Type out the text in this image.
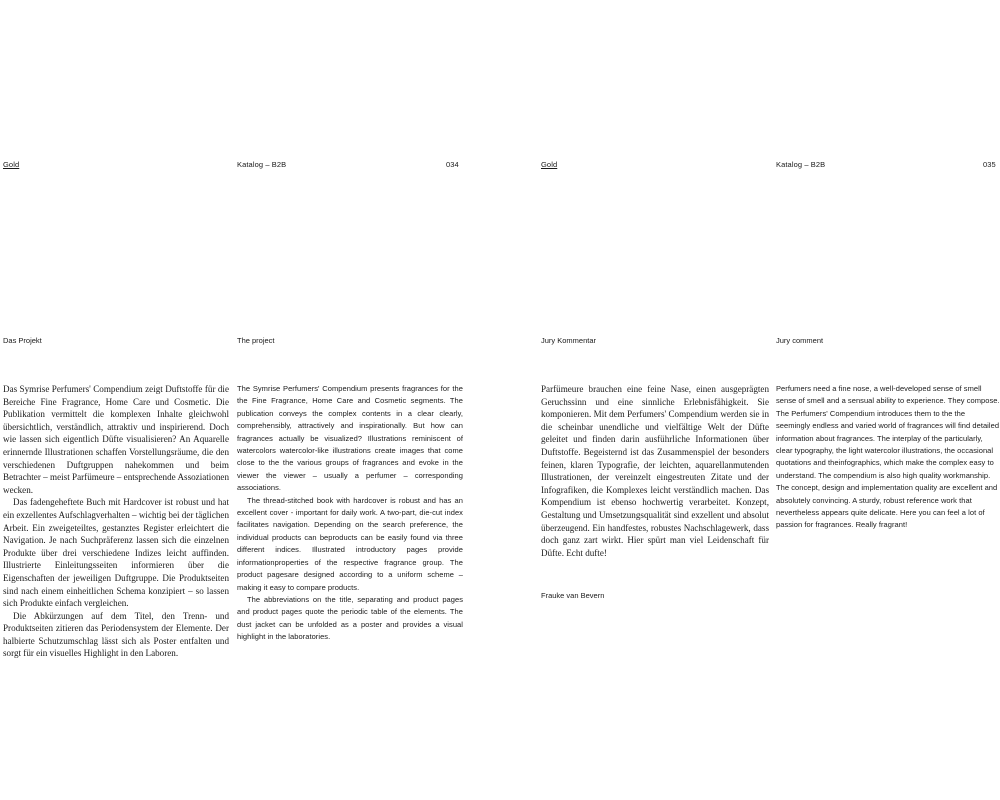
Gold	Katalog – B2B	034	Gold	Katalog – B2B	035
Das Projekt	The project	Jury Kommentar	Jury comment

Das Symrise Perfumers' Compendium zeigt Duftstoffe für die Bereiche Fine Fragrance, Home Care und Cosmetic. Die Publikation vermittelt die komplexen Inhalte gleichwohl übersichtlich, verständlich, attraktiv und inspirierend. Doch wie lassen sich eigentlich Düfte visualisieren? An Aquarelle erinnernde Illustrationen schaffen Vorstellungsräume, die den verschiedenen Duftgruppen nahekommen und beim Betrachter – meist Parfümeure – entsprechende Assoziationen wecken.

Das fadengeheftete Buch mit Hardcover ist robust und hat ein exzellentes Aufschlagverhalten – wichtig bei der täglichen Arbeit. Ein zweigeteiltes, gestanztes Register erleichtert die Navigation. Je nach Suchpräferenz lassen sich die einzelnen Produkte über drei verschiedene Indizes leicht auffinden. Illustrierte Einleitungsseiten informieren über die Eigenschaften der jeweiligen Duftgruppe. Die Produktseiten sind nach einem einheitlichen Schema konzipiert – so lassen sich Produkte einfach vergleichen.

Die Abkürzungen auf dem Titel, den Trenn- und Produktseiten zitieren das Periodensystem der Elemente. Der halbierte Schutzumschlag lässt sich als Poster entfalten und sorgt für ein visuelles Highlight in den Laboren.

The Symrise Perfumers' Compendium presents fragrances for the the Fine Fragrance, Home Care and Cosmetic segments. The publication conveys the complex contents in a clear clearly, comprehensibly, attractively and inspirationally. But how can fragrances actually be visualized? Illustrations reminiscent of watercolors watercolor-like illustrations create images that come close to the the various groups of fragrances and evoke in the viewer the viewer – usually a perfumer – corresponding associations.

The thread-stitched book with hardcover is robust and has an excellent cover - important for daily work. A two-part, die-cut index facilitates navigation. Depending on the search preference, the individual products can beproducts can be easily found via three different indices. Illustrated introductory pages provide informationproperties of the respective fragrance group. The product pagesare designed according to a uniform scheme – making it easy to compare products.

The abbreviations on the title, separating and product pages and product pages quote the periodic table of the elements. The dust jacket can be unfolded as a poster and provides a visual highlight in the laboratories.

Parfümeure brauchen eine feine Nase, einen ausgeprägten Geruchssinn und eine sinnliche Erlebnisfähigkeit. Sie komponieren. Mit dem Perfumers' Compendium werden sie in die scheinbar unendliche und vielfältige Welt der Düfte geleitet und finden darin ausführliche Informationen über Duftstoffe. Begeisternd ist das Zusammenspiel der besonders feinen, klaren Typografie, der leichten, aquarellanmutenden Illustrationen, der vereinzelt eingestreuten Zitate und der Infografiken, die Komplexes leicht verständlich machen. Das Kompendium ist ebenso hochwertig verarbeitet. Konzept, Gestaltung und Umsetzungsqualität sind exzellent und absolut überzeugend. Ein handfestes, robustes Nachschlagewerk, dass doch ganz zart wirkt. Hier spürt man viel Leidenschaft für Düfte. Echt dufte!

Perfumers need a fine nose, a well-developed sense of smell sense of smell and a sensual ability to experience. They compose. The Perfumers' Compendium introduces them to the the seemingly endless and varied world of fragrances will find detailed information about fragrances. The interplay of the particularly, clear typography, the light watercolor illustrations, the occasional quotations and theinfographics, which make the complex easy to understand. The compendium is also high quality workmanship. The concept, design and implementation quality are excellent and absolutely convincing. A sturdy, robust reference work that nevertheless appears quite delicate. Here you can feel a lot of passion for fragrances. Really fragrant!

Frauke van Bevern
